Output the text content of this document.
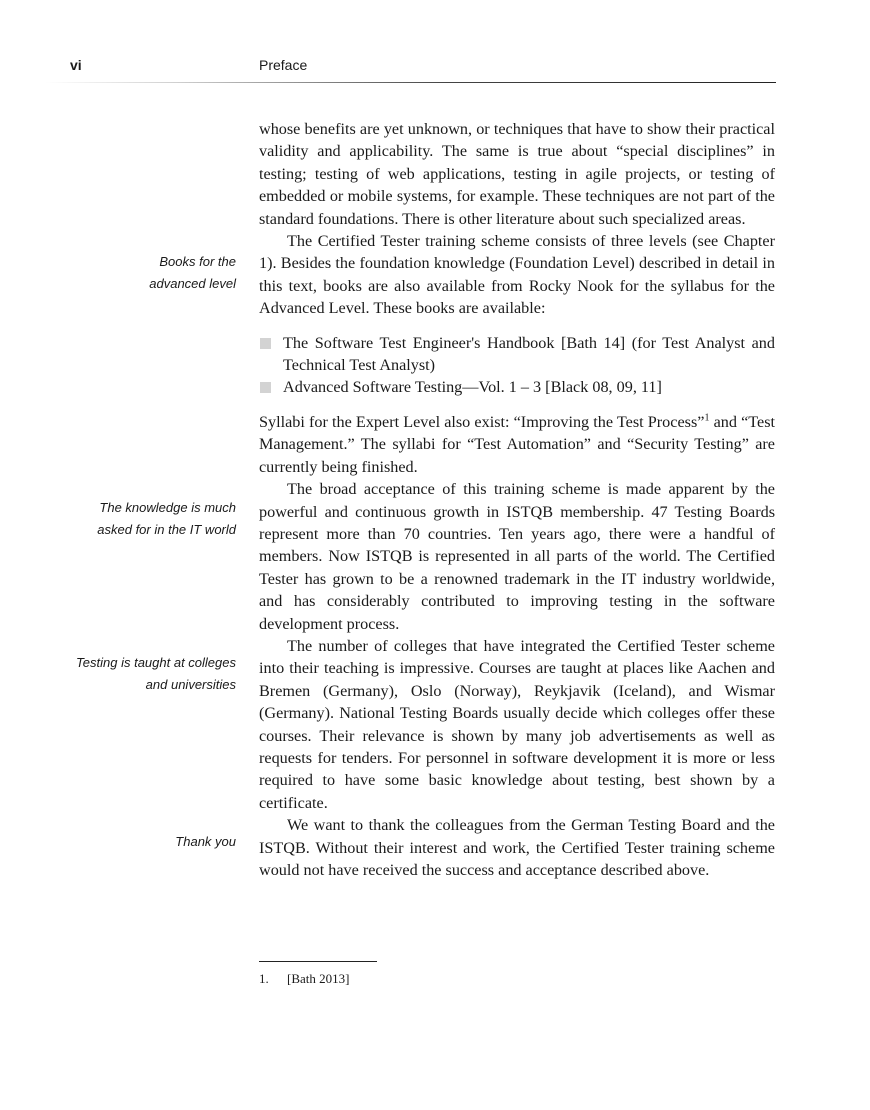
vi	Preface
Books for the
advanced level
The knowledge is much
asked for in the IT world
Testing is taught at colleges
and universities
Thank you

whose benefits are yet unknown, or techniques that have to show their practical validity and applicability. The same is true about “special disciplines” in testing; testing of web applications, testing in agile projects, or testing of embedded or mobile systems, for example. These techniques are not part of the standard foundations. There is other literature about such specialized areas.

The Certified Tester training scheme consists of three levels (see Chapter 1). Besides the foundation knowledge (Foundation Level) described in detail in this text, books are also available from Rocky Nook for the syllabus for the Advanced Level. These books are available:

The Software Test Engineer's Handbook [Bath 14] (for Test Analyst and Technical Test Analyst)
Advanced Software Testing—Vol. 1 – 3 [Black 08, 09, 11]

Syllabi for the Expert Level also exist: “Improving the Test Process”$^1$ and “Test Management.” The syllabi for “Test Automation” and “Security Testing” are currently being finished.

The broad acceptance of this training scheme is made apparent by the powerful and continuous growth in ISTQB membership. 47 Testing Boards represent more than 70 countries. Ten years ago, there were a handful of members. Now ISTQB is represented in all parts of the world. The Certified Tester has grown to be a renowned trademark in the IT industry worldwide, and has considerably contributed to improving testing in the software development process.

The number of colleges that have integrated the Certified Tester scheme into their teaching is impressive. Courses are taught at places like Aachen and Bremen (Germany), Oslo (Norway), Reykjavik (Iceland), and Wismar (Germany). National Testing Boards usually decide which colleges offer these courses. Their relevance is shown by many job advertisements as well as requests for tenders. For personnel in software development it is more or less required to have some basic knowledge about testing, best shown by a certificate.

We want to thank the colleagues from the German Testing Board and the ISTQB. Without their interest and work, the Certified Tester training scheme would not have received the success and acceptance described above.

1. [Bath 2013]
